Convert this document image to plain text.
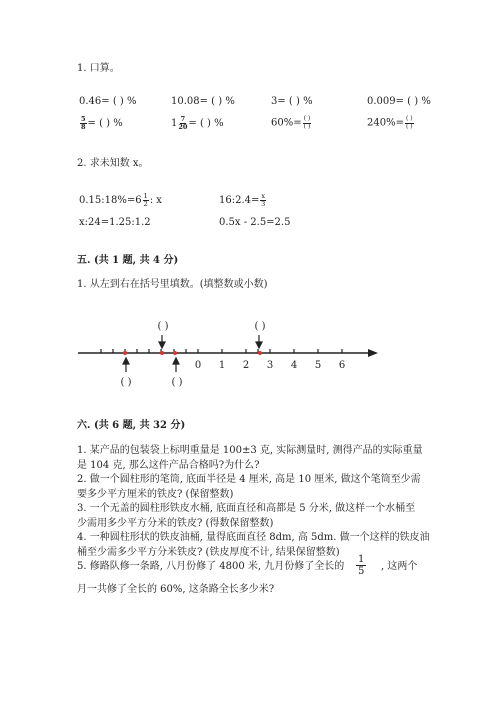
1. 口算。
0.46= ( ) %	10.08= ( ) %	3= ( ) %	0.009= ( ) %
$\frac{5}{8}$ = ( ) %	$1 \frac{7}{20}$ = ( ) %	$60\%= \frac{( )}{( )}$	$240\%= \frac{( )}{( )}$
2. 求未知数 x。
0.15:18%=6 $\frac{1}{2}$ : x	16:2.4= $\frac{x}{3}$
x:24=1.25:1.2	0.5x - 2.5=2.5
五. (共 1 题, 共 4 分)
1. 从左到右在括号里填数。(填整数或小数)
0 1 2 3 4 5 6
( )	( )
( )	( )
六. (共 6 题, 共 32 分)
1. 某产品的包装袋上标明重量是 100±3 克, 实际测量时, 测得产品的实际重量
是 104 克, 那么这件产品合格吗?为什么?
2. 做一个圆柱形的笔筒, 底面半径是 4 厘米, 高是 10 厘米, 做这个笔筒至少需
要多少平方厘米的铁皮? (保留整数)
3. 一个无盖的圆柱形铁皮水桶, 底面直径和高都是 5 分米, 做这样一个水桶至
少需用多少平方分米的铁皮? (得数保留整数)
4. 一种圆柱形状的铁皮油桶, 量得底面直径 8dm, 高 5dm. 做一个这样的铁皮油
桶至少需多少平方分米铁皮? (铁皮厚度不计, 结果保留整数)
5. 修路队修一条路, 八月份修了 4800 米, 九月份修了全长的 $\frac{1}{5}$ , 这两个
月一共修了全长的 60%, 这条路全长多少米?
